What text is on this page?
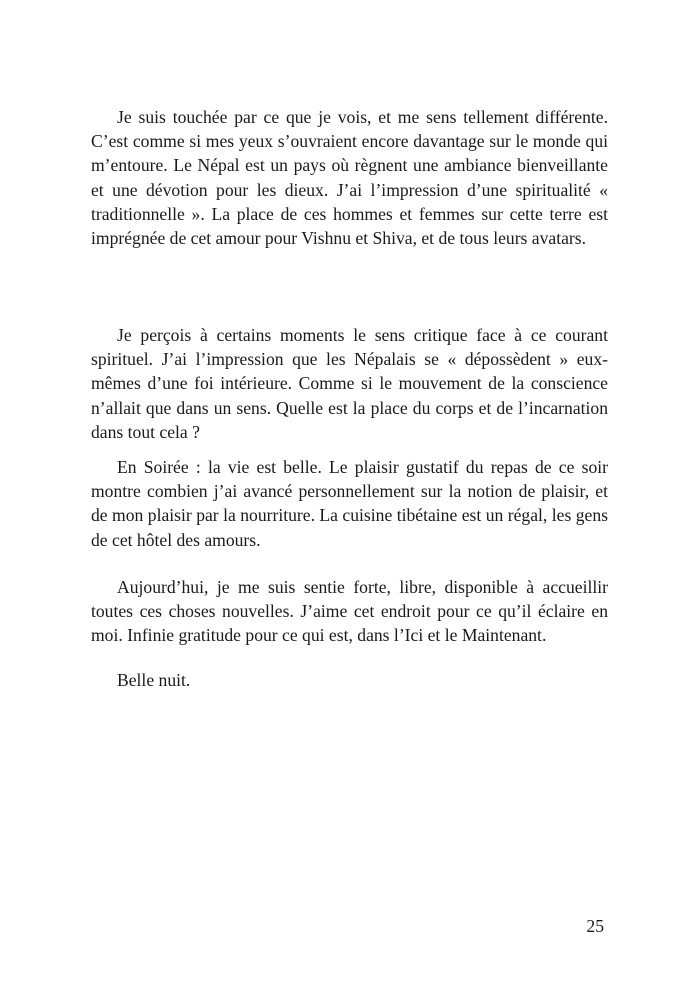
Je suis touchée par ce que je vois, et me sens tellement différente. C’est comme si mes yeux s’ouvraient encore davantage sur le monde qui m’entoure. Le Népal est un pays où règnent une ambiance bienveillante et une dévotion pour les dieux. J’ai l’impression d’une spiritualité « traditionnelle ». La place de ces hommes et femmes sur cette terre est imprégnée de cet amour pour Vishnu et Shiva, et de tous leurs avatars.

Je perçois à certains moments le sens critique face à ce courant spirituel. J’ai l’impression que les Népalais se « dépossèdent » eux-mêmes d’une foi intérieure. Comme si le mouvement de la conscience n’allait que dans un sens. Quelle est la place du corps et de l’incarnation dans tout cela ?

En Soirée : la vie est belle. Le plaisir gustatif du repas de ce soir montre combien j’ai avancé personnellement sur la notion de plaisir, et de mon plaisir par la nourriture. La cuisine tibétaine est un régal, les gens de cet hôtel des amours.

Aujourd’hui, je me suis sentie forte, libre, disponible à accueillir toutes ces choses nouvelles. J’aime cet endroit pour ce qu’il éclaire en moi. Infinie gratitude pour ce qui est, dans l’Ici et le Maintenant.

Belle nuit.

25
